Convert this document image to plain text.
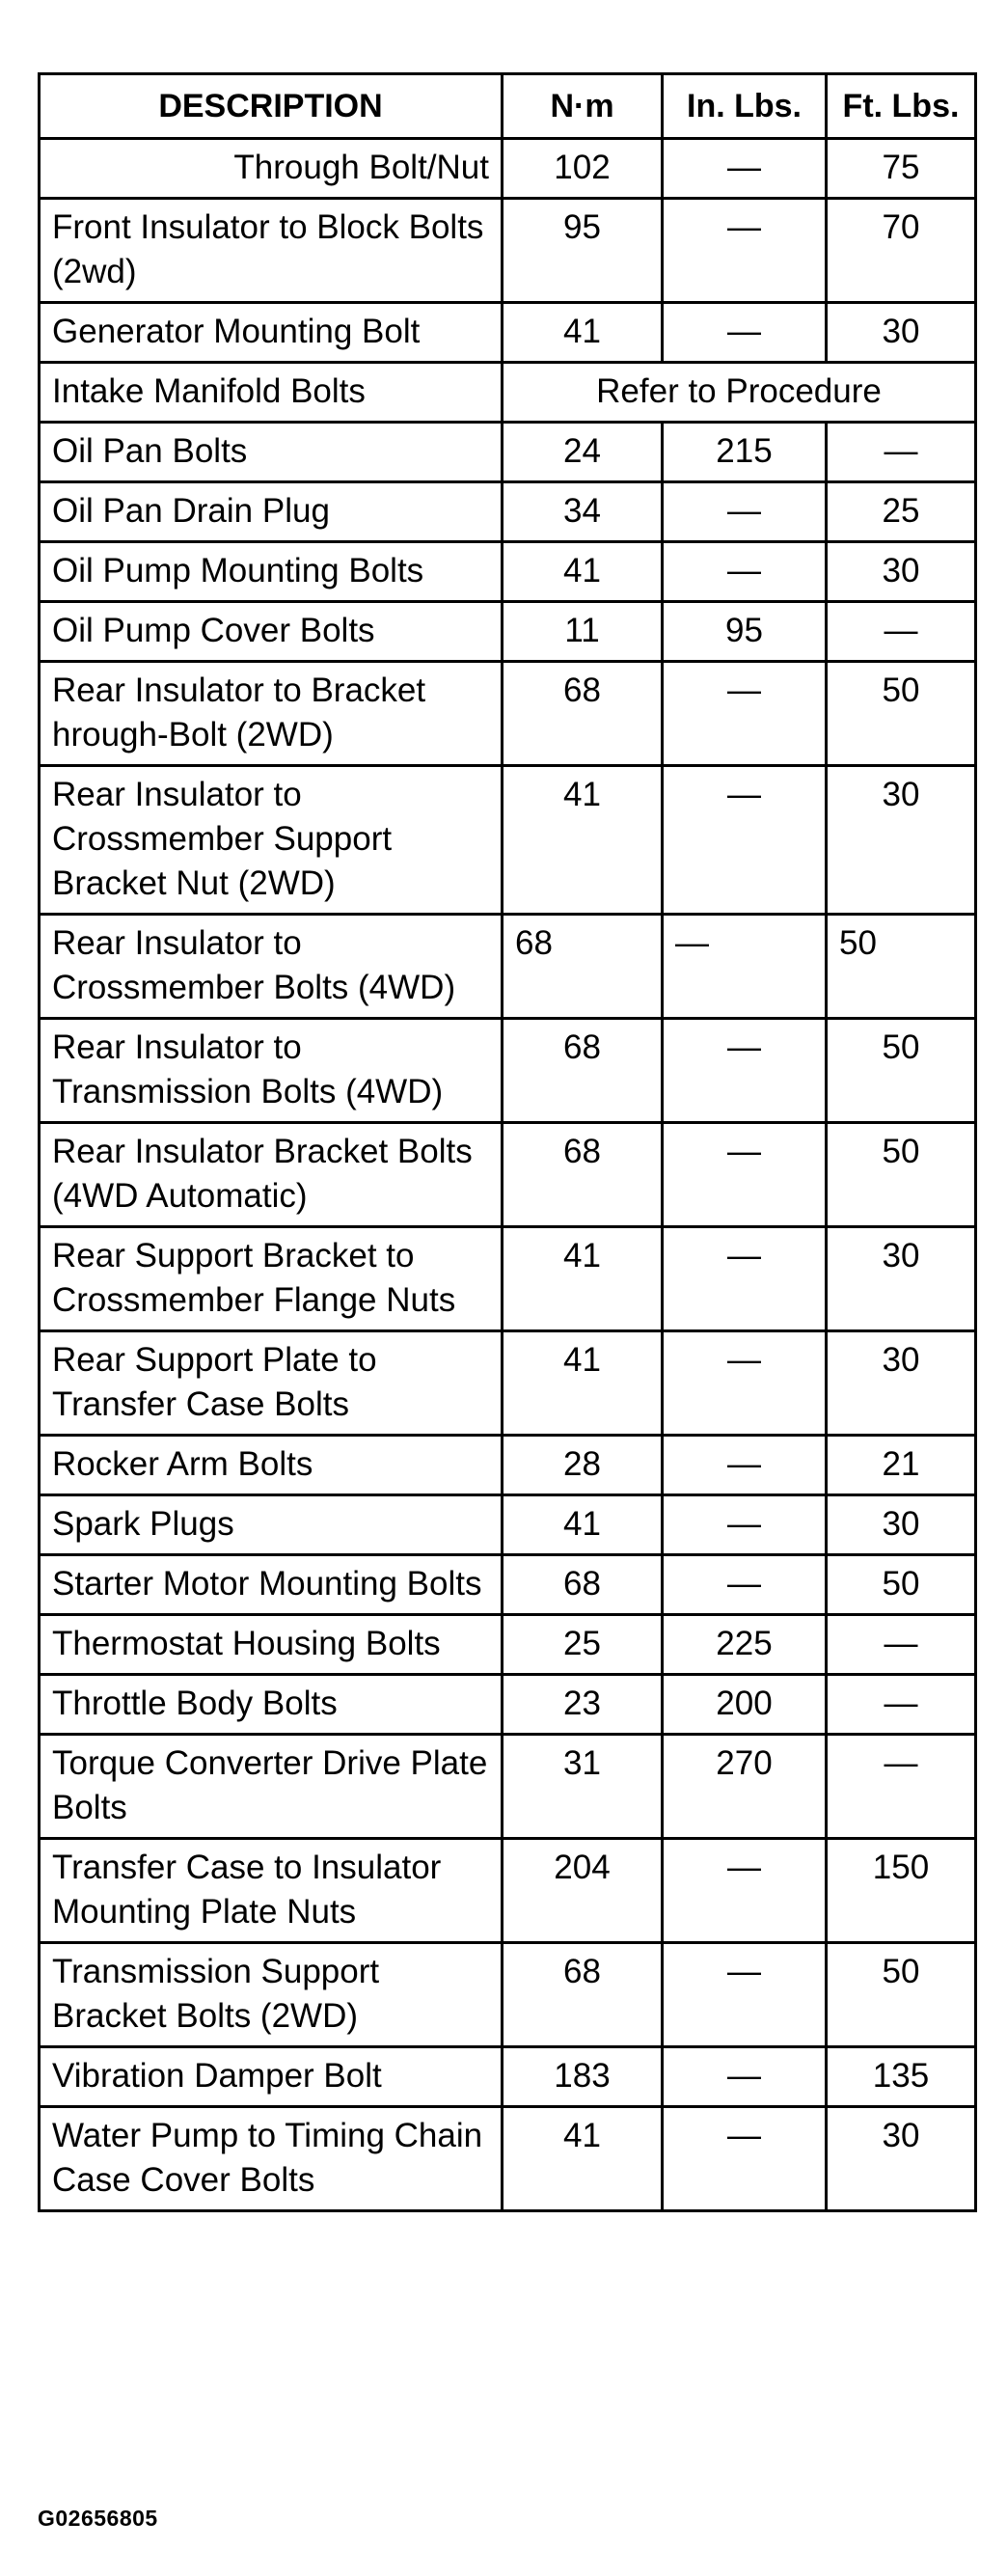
DESCRIPTION	N·m	In. Lbs.	Ft. Lbs.
Through Bolt/Nut	102	—	75
Front Insulator to Block Bolts (2wd)	95	—	70
Generator Mounting Bolt	41	—	30
Intake Manifold Bolts	Refer to Procedure		
Oil Pan Bolts	24	215	—
Oil Pan Drain Plug	34	—	25
Oil Pump Mounting Bolts	41	—	30
Oil Pump Cover Bolts	11	95	—
Rear Insulator to Bracket hrough-Bolt (2WD)	68	—	50
Rear Insulator to Crossmember Support Bracket Nut (2WD)	41	—	30
Rear Insulator to Crossmember Bolts (4WD)	68	—	50
Rear Insulator to Transmission Bolts (4WD)	68	—	50
Rear Insulator Bracket Bolts (4WD Automatic)	68	—	50
Rear Support Bracket to Crossmember Flange Nuts	41	—	30
Rear Support Plate to Transfer Case Bolts	41	—	30
Rocker Arm Bolts	28	—	21
Spark Plugs	41	—	30
Starter Motor Mounting Bolts	68	—	50
Thermostat Housing Bolts	25	225	—
Throttle Body Bolts	23	200	—
Torque Converter Drive Plate Bolts	31	270	—
Transfer Case to Insulator Mounting Plate Nuts	204	—	150
Transmission Support Bracket Bolts (2WD)	68	—	50
Vibration Damper Bolt	183	—	135
Water Pump to Timing Chain Case Cover Bolts	41	—	30
G02656805
